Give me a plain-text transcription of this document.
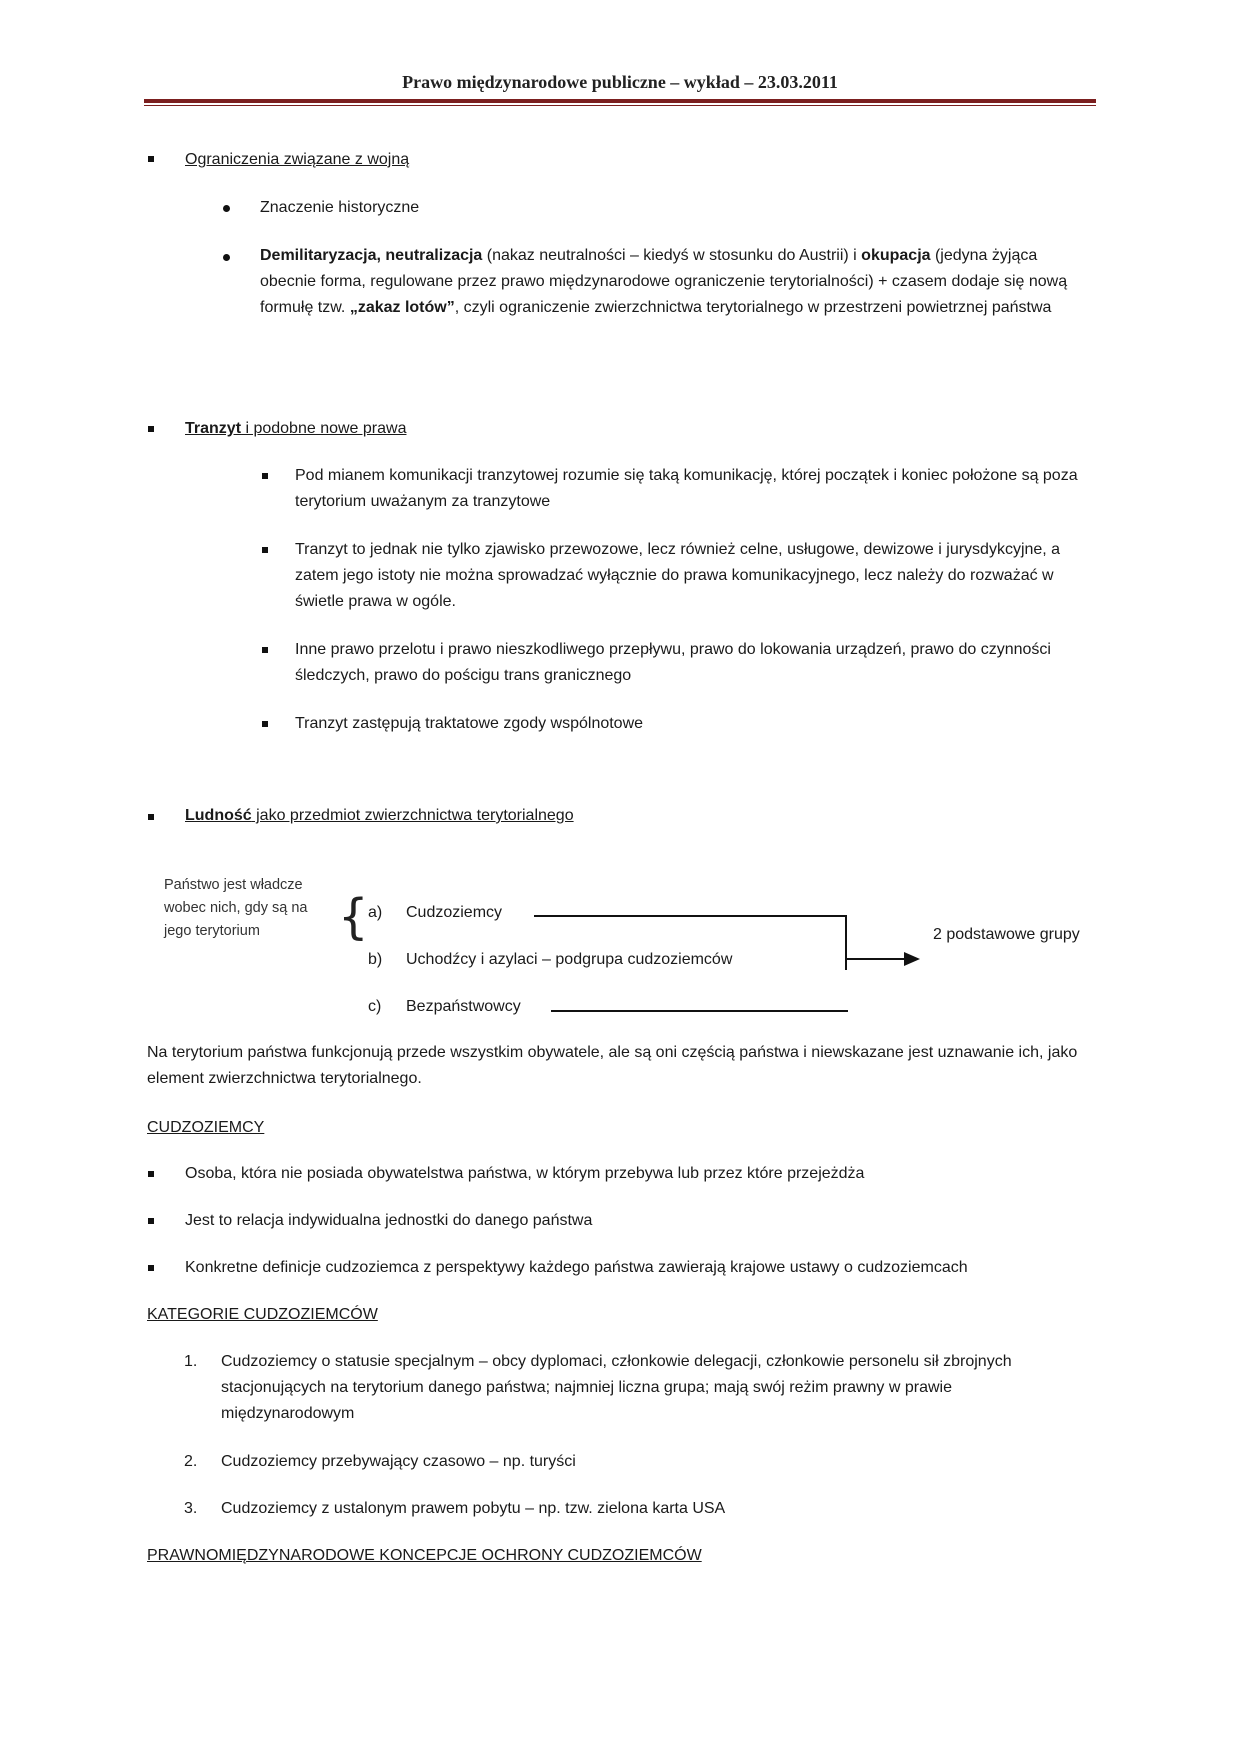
Prawo międzynarodowe publiczne – wykład – 23.03.2011
Ograniczenia związane z wojną
Znaczenie historyczne
Demilitaryzacja, neutralizacja (nakaz neutralności – kiedyś w stosunku do Austrii) i okupacja (jedyna żyjąca obecnie forma, regulowane przez prawo międzynarodowe ograniczenie terytorialności) + czasem dodaje się nową formułę tzw. „zakaz lotów”, czyli ograniczenie zwierzchnictwa terytorialnego w przestrzeni powietrznej państwa
Tranzyt i podobne nowe prawa
Pod mianem komunikacji tranzytowej rozumie się taką komunikację, której początek i koniec położone są poza terytorium uważanym za tranzytowe
Tranzyt to jednak nie tylko zjawisko przewozowe, lecz również celne, usługowe, dewizowe i jurysdykcyjne, a zatem jego istoty nie można sprowadzać wyłącznie do prawa komunikacyjnego, lecz należy do rozważać w świetle prawa w ogóle.
Inne prawo przelotu i prawo nieszkodliwego przepływu, prawo do lokowania urządzeń, prawo do czynności śledczych, prawo do pościgu trans granicznego
Tranzyt zastępują traktatowe zgody wspólnotowe
Ludność jako przedmiot zwierzchnictwa terytorialnego
Państwo jest władcze wobec nich, gdy są na jego terytorium	{ a) Cudzoziemcy
b) Uchodźcy i azylaci – podgrupa cudzoziemców
c) Bezpaństwowcy
2 podstawowe grupy
Na terytorium państwa funkcjonują przede wszystkim obywatele, ale są oni częścią państwa i niewskazane jest uznawanie ich, jako element zwierzchnictwa terytorialnego.
CUDZOZIEMCY
Osoba, która nie posiada obywatelstwa państwa, w którym przebywa lub przez które przejeżdża
Jest to relacja indywidualna jednostki do danego państwa
Konkretne definicje cudzoziemca z perspektywy każdego państwa zawierają krajowe ustawy o cudzoziemcach
KATEGORIE CUDZOZIEMCÓW
1. Cudzoziemcy o statusie specjalnym – obcy dyplomaci, członkowie delegacji, członkowie personelu sił zbrojnych stacjonujących na terytorium danego państwa; najmniej liczna grupa; mają swój reżim prawny w prawie międzynarodowym
2. Cudzoziemcy przebywający czasowo – np. turyści
3. Cudzoziemcy z ustalonym prawem pobytu – np. tzw. zielona karta USA
PRAWNOMIĘDZYNARODOWE KONCEPCJE OCHRONY CUDZOZIEMCÓW
